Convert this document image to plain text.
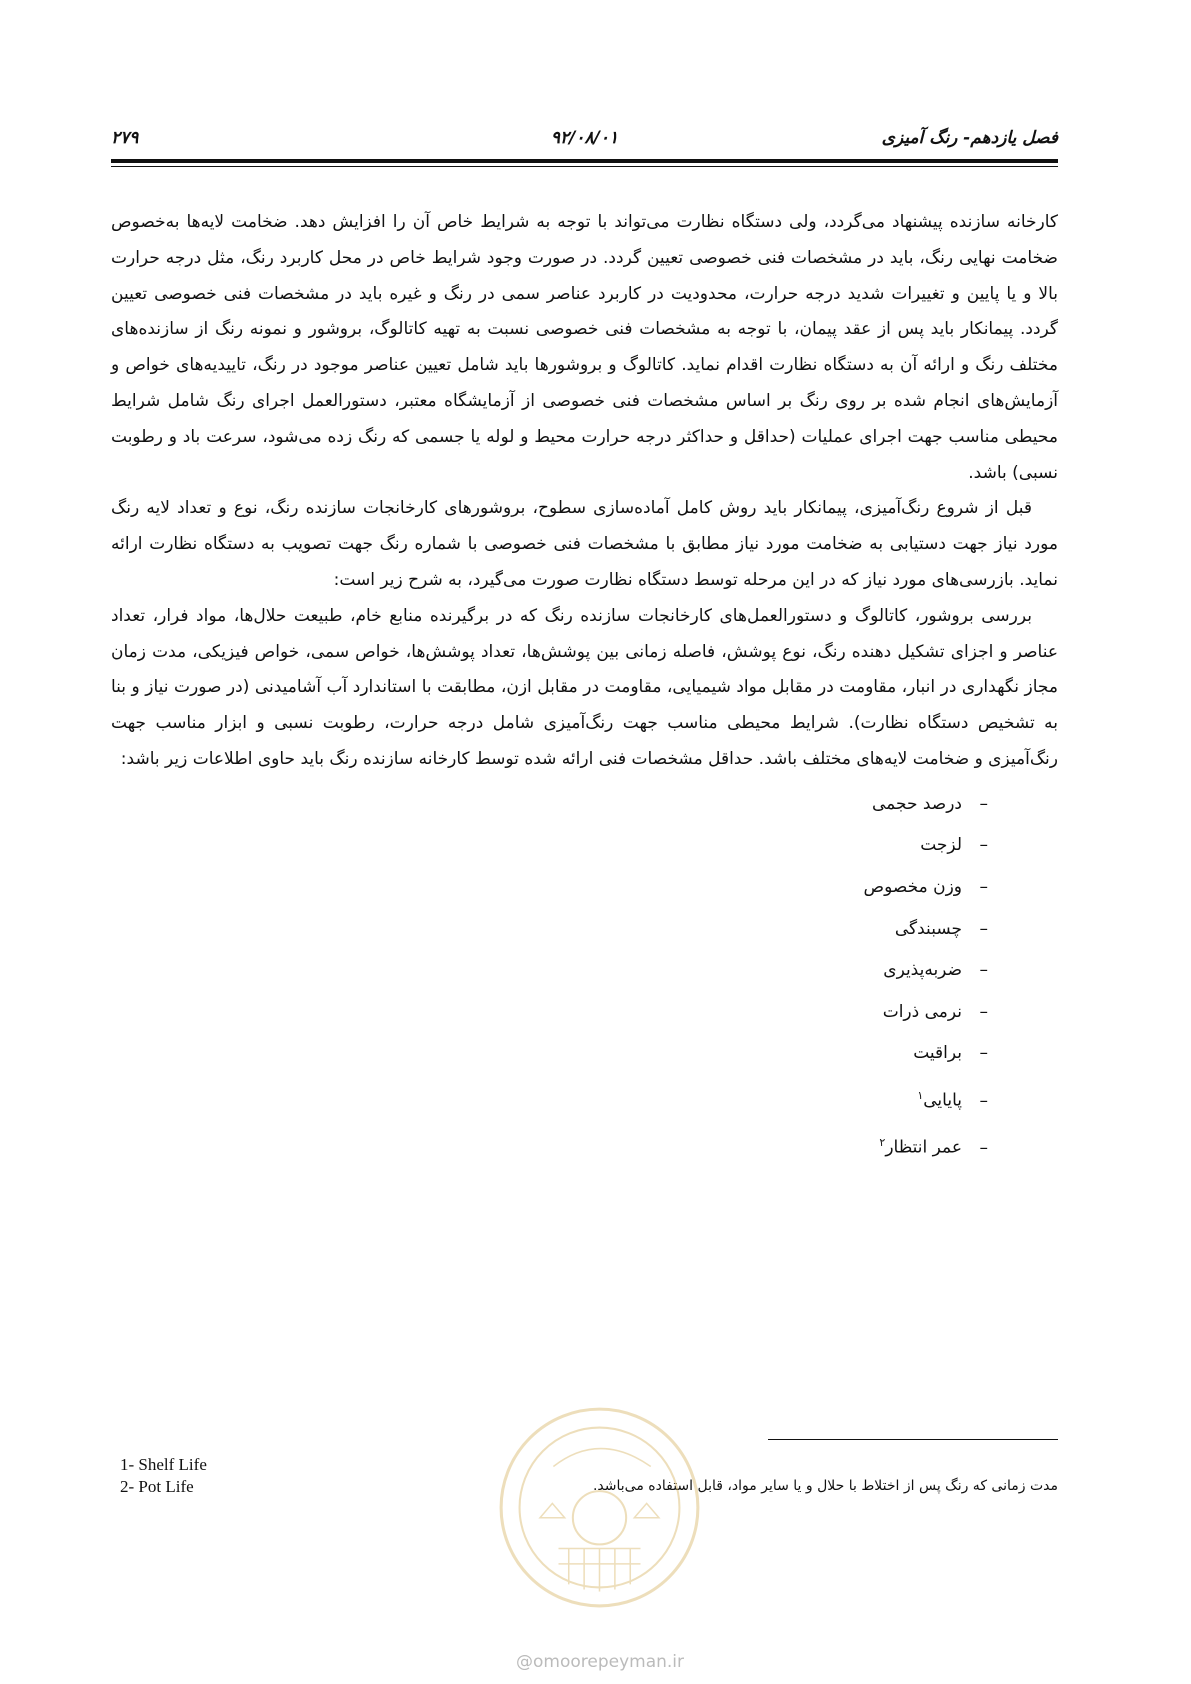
فصل یازدهم- رنگ آمیزی
۹۲/۰۸/۰۱
۲۷۹

کارخانه سازنده پیشنهاد می‌گردد، ولی دستگاه نظارت می‌تواند با توجه به شرایط خاص آن را افزایش دهد. ضخامت لایه‌ها به‌خصوص ضخامت نهایی رنگ، باید در مشخصات فنی خصوصی تعیین گردد. در صورت وجود شرایط خاص در محل کاربرد رنگ، مثل درجه حرارت بالا و یا پایین و تغییرات شدید درجه حرارت، محدودیت در کاربرد عناصر سمی در رنگ و غیره باید در مشخصات فنی خصوصی تعیین گردد. پیمانکار باید پس از عقد پیمان، با توجه به مشخصات فنی خصوصی نسبت به تهیه کاتالوگ، بروشور و نمونه رنگ از سازنده‌های مختلف رنگ و ارائه آن به دستگاه نظارت اقدام نماید. کاتالوگ و بروشورها باید شامل تعیین عناصر موجود در رنگ، تاییدیه‌های خواص و آزمایش‌های انجام شده بر روی رنگ بر اساس مشخصات فنی خصوصی از آزمایشگاه معتبر، دستورالعمل اجرای رنگ شامل شرایط محیطی مناسب جهت اجرای عملیات (حداقل و حداکثر درجه حرارت محیط و لوله یا جسمی که رنگ زده می‌شود، سرعت باد و رطوبت نسبی) باشد.

قبل از شروع رنگ‌آمیزی، پیمانکار باید روش کامل آماده‌سازی سطوح، بروشورهای کارخانجات سازنده رنگ، نوع و تعداد لایه رنگ مورد نیاز جهت دستیابی به ضخامت مورد نیاز مطابق با مشخصات فنی خصوصی با شماره رنگ جهت تصویب به دستگاه نظارت ارائه نماید. بازرسی‌های مورد نیاز که در این مرحله توسط دستگاه نظارت صورت می‌گیرد، به شرح زیر است:

بررسی بروشور، کاتالوگ و دستورالعمل‌های کارخانجات سازنده رنگ که در برگیرنده منابع خام، طبیعت حلال‌ها، مواد فرار، تعداد عناصر و اجزای تشکیل دهنده رنگ، نوع پوشش، فاصله زمانی بین پوشش‌ها، تعداد پوشش‌ها، خواص سمی، خواص فیزیکی، مدت زمان مجاز نگهداری در انبار، مقاومت در مقابل مواد شیمیایی، مقاومت در مقابل ازن، مطابقت با استاندارد آب آشامیدنی (در صورت نیاز و بنا به تشخیص دستگاه نظارت). شرایط محیطی مناسب جهت رنگ‌آمیزی شامل درجه حرارت، رطوبت نسبی و ابزار مناسب جهت رنگ‌آمیزی و ضخامت لایه‌های مختلف باشد. حداقل مشخصات فنی ارائه شده توسط کارخانه سازنده رنگ باید حاوی اطلاعات زیر باشد:

–درصد حجمی
–لزجت
–وزن مخصوص
–چسبندگی
–ضربه‌پذیری
–نرمی ذرات
–براقیت
–پایایی$^۱$
–عمر انتظار$^۲$
1- Shelf Life
2- Pot Life	مدت زمانی که رنگ پس از اختلاط با حلال و یا سایر مواد، قابل استفاده می‌باشد.
@omoorepeyman.ir
